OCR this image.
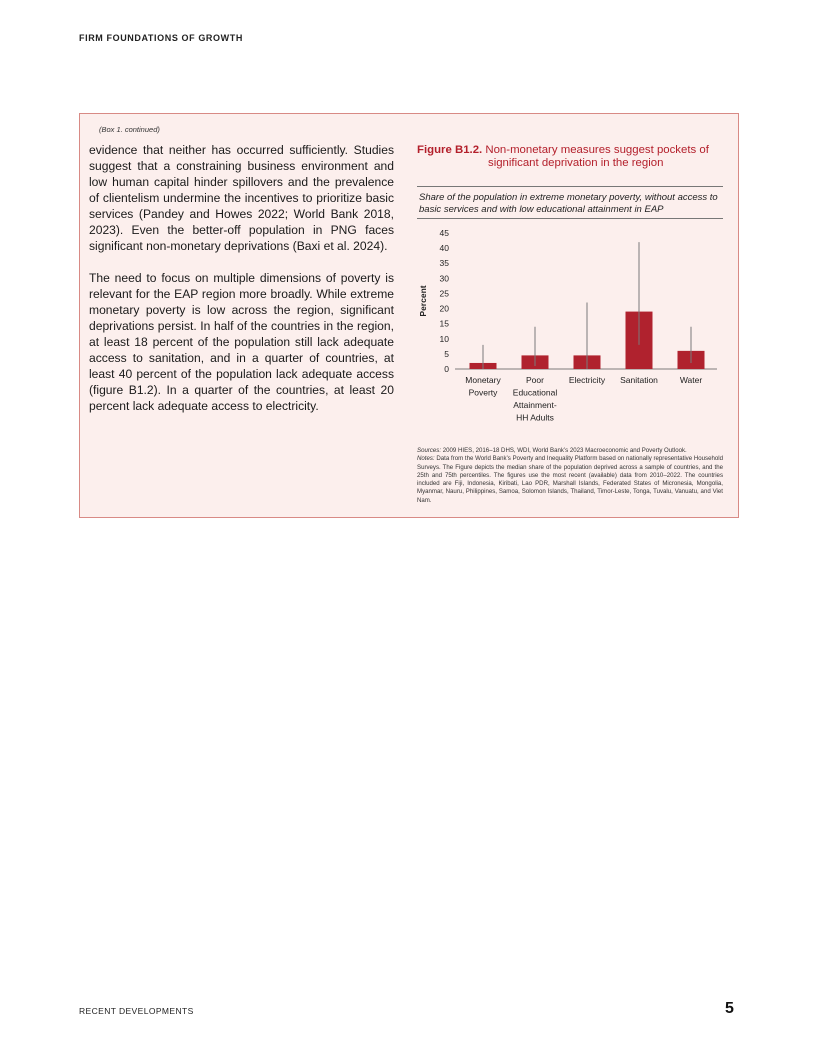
FIRM FOUNDATIONS OF GROWTH
(Box 1. continued)

evidence that neither has occurred sufficiently. Studies suggest that a constraining business environment and low human capital hinder spillovers and the prevalence of clientelism undermine the incentives to prioritize basic services (Pandey and Howes 2022; World Bank 2018, 2023). Even the better-off population in PNG faces significant non-monetary deprivations (Baxi et al. 2024).

The need to focus on multiple dimensions of poverty is relevant for the EAP region more broadly. While extreme monetary poverty is low across the region, significant deprivations persist. In half of the countries in the region, at least 18 percent of the population still lack adequate access to sanitation, and in a quarter of countries, at least 40 percent of the population lack adequate access (figure B1.2). In a quarter of the countries, at least 20 percent lack adequate access to electricity.

Figure B1.2. Non-monetary measures suggest pockets of
significant deprivation in the region
Share of the population in extreme monetary poverty, without access to basic services and with low educational attainment in EAP
Percent
0
5
10
15
20
25
30
35
40
45
Monetary
Poverty
Poor
Educational
Attainment-
HH Adults
Electricity Sanitation	Water

Sources: 2009 HIES, 2016–18 DHS, WDI, World Bank’s 2023 Macroeconomic and Poverty Outlook.

Notes: Data from the World Bank’s Poverty and Inequality Platform based on nationally representative Household Surveys. The Figure depicts the median share of the population deprived across a sample of countries, and the 25th and 75th percentiles. The figures use the most recent (available) data from 2010–2022. The countries included are Fiji, Indonesia, Kiribati, Lao PDR, Marshall Islands, Federated States of Micronesia, Mongolia, Myanmar, Nauru, Philippines, Samoa, Solomon Islands, Thailand, Timor-Leste, Tonga, Tuvalu, Vanuatu, and Viet Nam.

RECENT DEVELOPMENTS	5
